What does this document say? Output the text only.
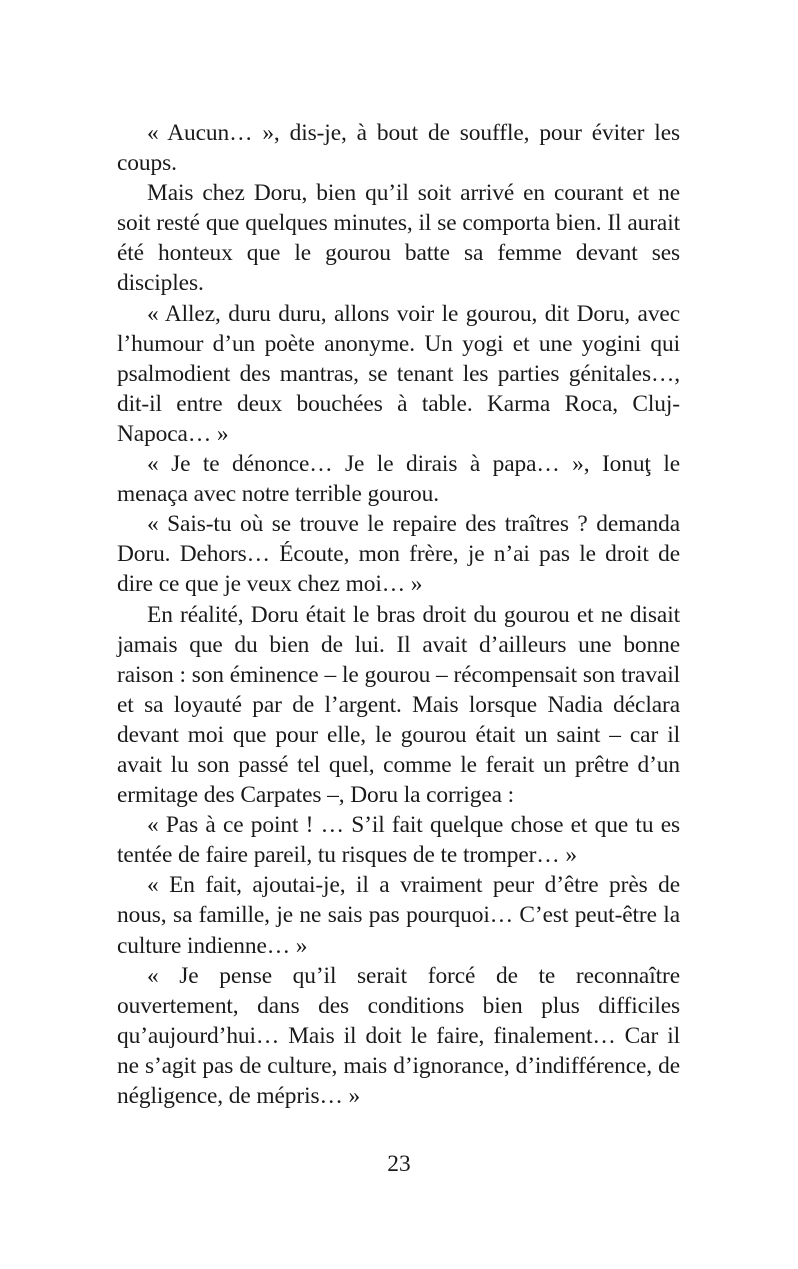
« Aucun… », dis-je, à bout de souffle, pour éviter les coups.

Mais chez Doru, bien qu’il soit arrivé en courant et ne soit resté que quelques minutes, il se comporta bien. Il aurait été honteux que le gourou batte sa femme devant ses disciples.

« Allez, duru duru, allons voir le gourou, dit Doru, avec l’humour d’un poète anonyme. Un yogi et une yogini qui psalmodient des mantras, se tenant les parties génitales…, dit-il entre deux bouchées à table. Karma Roca, Cluj-Napoca… »

« Je te dénonce… Je le dirais à papa… », Ionuţ le menaça avec notre terrible gourou.

« Sais-tu où se trouve le repaire des traîtres ? demanda Doru. Dehors… Écoute, mon frère, je n’ai pas le droit de dire ce que je veux chez moi… »

En réalité, Doru était le bras droit du gourou et ne disait jamais que du bien de lui. Il avait d’ailleurs une bonne raison : son éminence – le gourou – récompensait son travail et sa loyauté par de l’argent. Mais lorsque Nadia déclara devant moi que pour elle, le gourou était un saint – car il avait lu son passé tel quel, comme le ferait un prêtre d’un ermitage des Carpates –, Doru la corrigea :

« Pas à ce point ! … S’il fait quelque chose et que tu es tentée de faire pareil, tu risques de te tromper… »

« En fait, ajoutai-je, il a vraiment peur d’être près de nous, sa famille, je ne sais pas pourquoi… C’est peut-être la culture indienne… »

« Je pense qu’il serait forcé de te reconnaître ouvertement, dans des conditions bien plus difficiles qu’aujourd’hui… Mais il doit le faire, finalement… Car il ne s’agit pas de culture, mais d’ignorance, d’indifférence, de négligence, de mépris… »

23
